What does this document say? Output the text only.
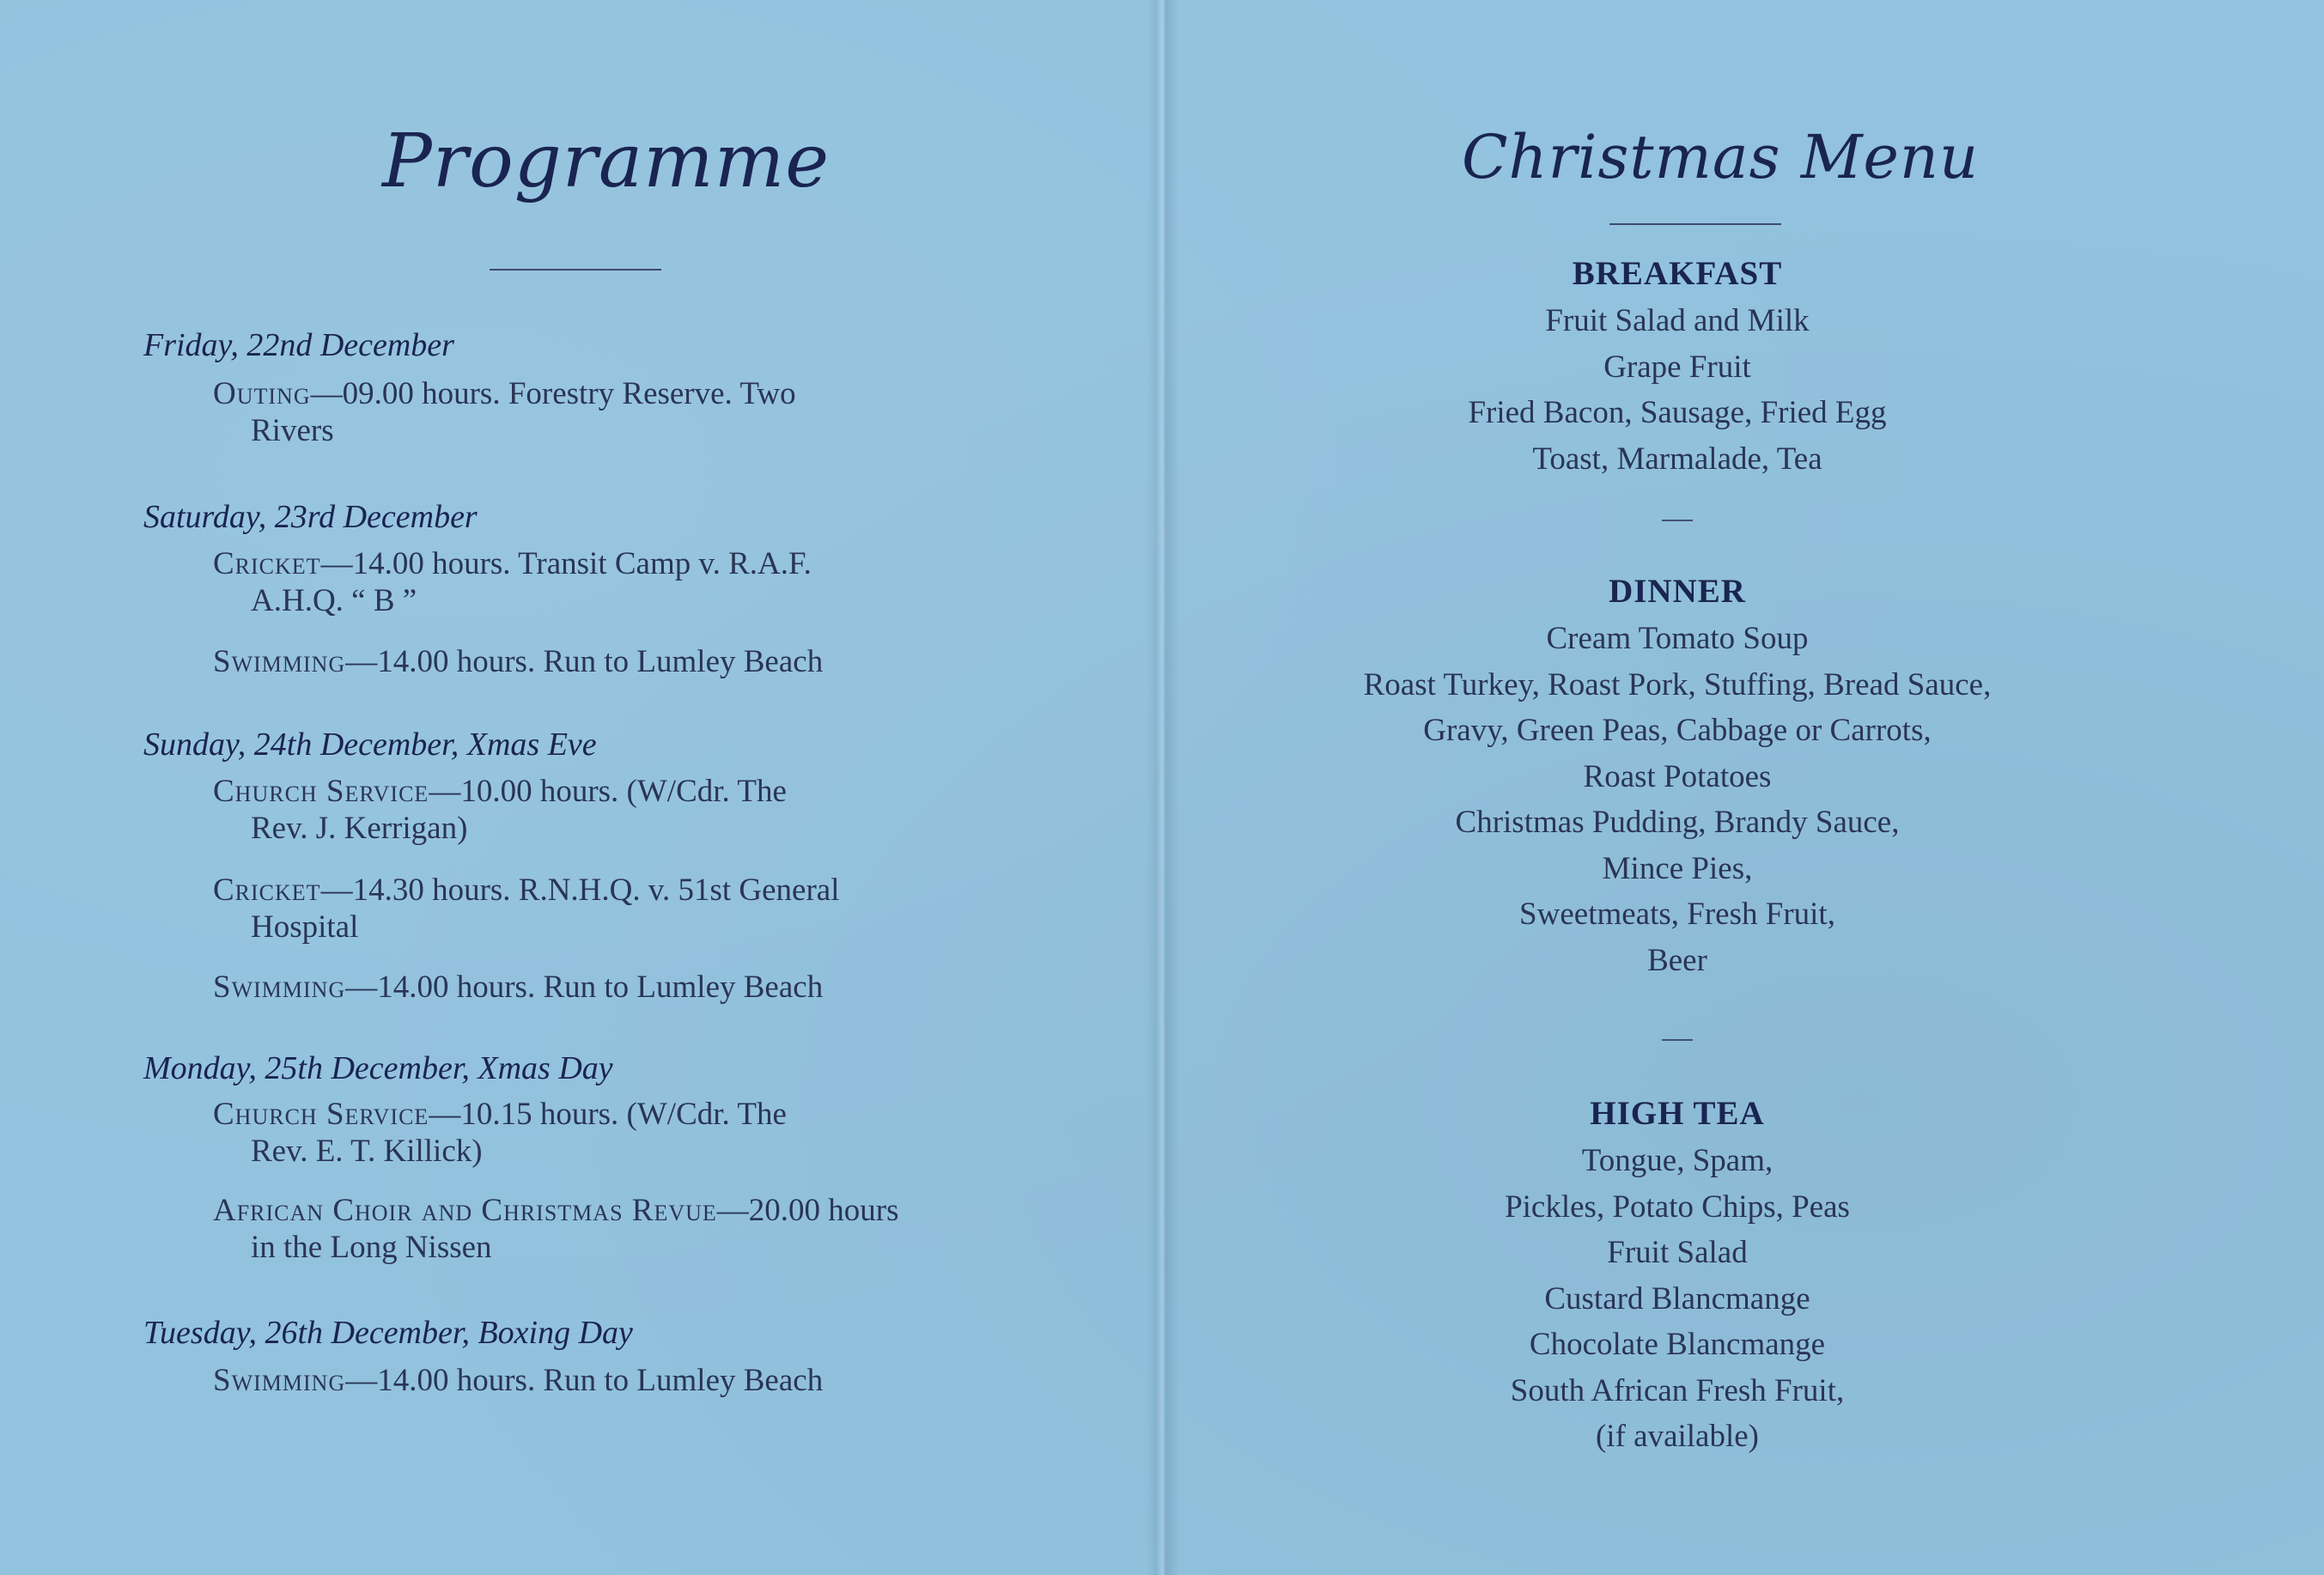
Programme

Friday, 22nd December

Outing—09.00 hours. Forestry Reserve. Two
Rivers

Saturday, 23rd December

Cricket—14.00 hours. Transit Camp v. R.A.F.
A.H.Q. “ B ”
Swimming—14.00 hours. Run to Lumley Beach

Sunday, 24th December, Xmas Eve

Church Service—10.00 hours. (W/Cdr. The
Rev. J. Kerrigan)
Cricket—14.30 hours. R.N.H.Q. v. 51st General
Hospital
Swimming—14.00 hours. Run to Lumley Beach

Monday, 25th December, Xmas Day

Church Service—10.15 hours. (W/Cdr. The
Rev. E. T. Killick)
African Choir and Christmas Revue—20.00 hours
in the Long Nissen

Tuesday, 26th December, Boxing Day

Swimming—14.00 hours. Run to Lumley Beach
Christmas Menu

BREAKFAST

Fruit Salad and Milk
Grape Fruit
Fried Bacon, Sausage, Fried Egg
Toast, Marmalade, Tea

DINNER

Cream Tomato Soup
Roast Turkey, Roast Pork, Stuffing, Bread Sauce,
Gravy, Green Peas, Cabbage or Carrots,
Roast Potatoes
Christmas Pudding, Brandy Sauce,
Mince Pies,
Sweetmeats, Fresh Fruit,
Beer

HIGH TEA

Tongue, Spam,
Pickles, Potato Chips, Peas
Fruit Salad
Custard Blancmange
Chocolate Blancmange
South African Fresh Fruit,
(if available)
